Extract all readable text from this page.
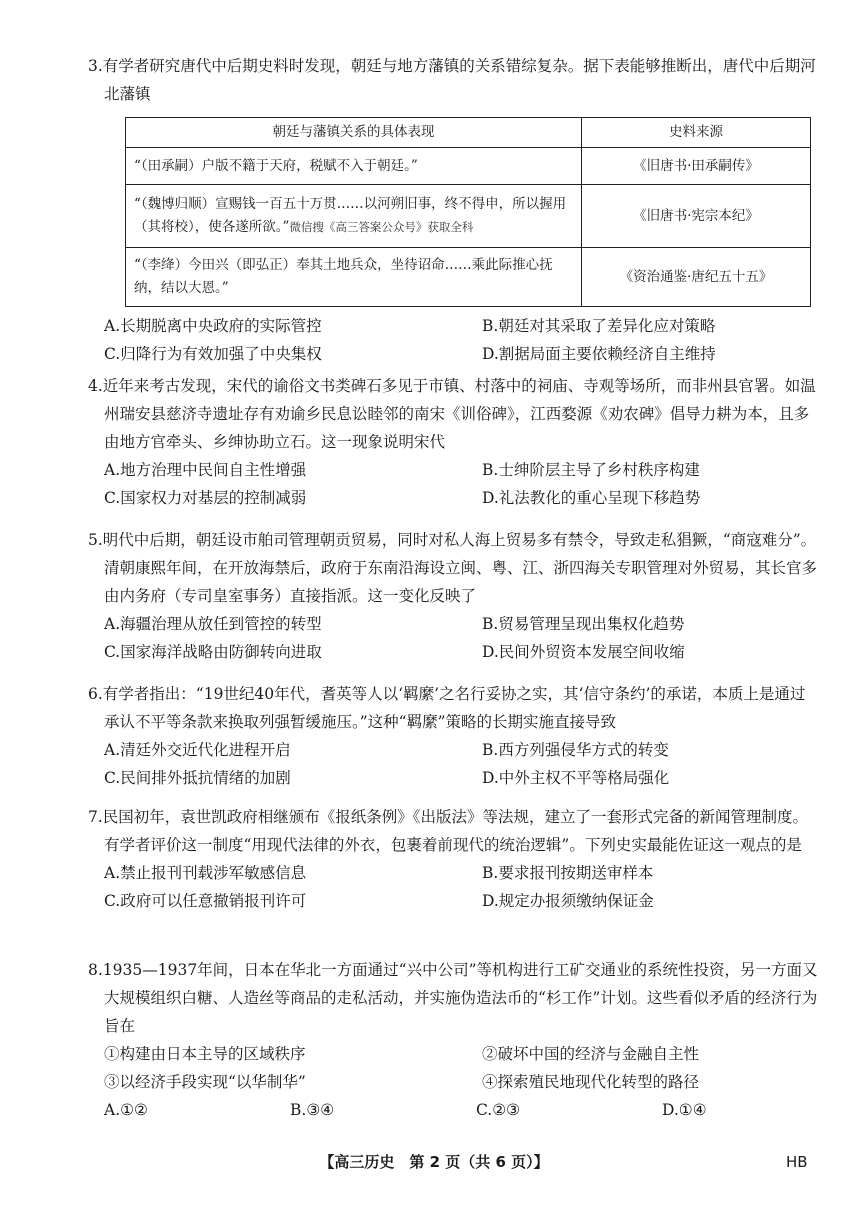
3.有学者研究唐代中后期史料时发现，朝廷与地方藩镇的关系错综复杂。据下表能够推断出，唐代中后期河北藩镇

朝廷与藩镇关系的具体表现	史料来源
“（田承嗣）户版不籍于天府，税赋不入于朝廷。”	《旧唐书·田承嗣传》
“（魏博归顺）宣赐钱一百五十万贯……以河朔旧事，终不得申，所以握用（其将校），使各遂所欲。”微信搜《高三答案公众号》获取全科	《旧唐书·宪宗本纪》
“（李绛）今田兴（即弘正）奉其土地兵众，坐待诏命……乘此际推心抚纳，结以大恩。”	《资治通鉴·唐纪五十五》
A.长期脱离中央政府的实际管控	B.朝廷对其采取了差异化应对策略
C.归降行为有效加强了中央集权	D.割据局面主要依赖经济自主维持

4.近年来考古发现，宋代的谕俗文书类碑石多见于市镇、村落中的祠庙、寺观等场所，而非州县官署。如温州瑞安县慈济寺遗址存有劝谕乡民息讼睦邻的南宋《训俗碑》，江西婺源《劝农碑》倡导力耕为本，且多由地方官牵头、乡绅协助立石。这一现象说明宋代

A.地方治理中民间自主性增强	B.士绅阶层主导了乡村秩序构建
C.国家权力对基层的控制减弱	D.礼法教化的重心呈现下移趋势

5.明代中后期，朝廷设市舶司管理朝贡贸易，同时对私人海上贸易多有禁令，导致走私猖獗，“商寇难分”。清朝康熙年间，在开放海禁后，政府于东南沿海设立闽、粤、江、浙四海关专职管理对外贸易，其长官多由内务府（专司皇室事务）直接指派。这一变化反映了

A.海疆治理从放任到管控的转型	B.贸易管理呈现出集权化趋势
C.国家海洋战略由防御转向进取	D.民间外贸资本发展空间收缩

6.有学者指出：“19世纪40年代，耆英等人以‘羁縻’之名行妥协之实，其‘信守条约’的承诺，本质上是通过承认不平等条款来换取列强暂缓施压。”这种“羁縻”策略的长期实施直接导致

A.清廷外交近代化进程开启	B.西方列强侵华方式的转变
C.民间排外抵抗情绪的加剧	D.中外主权不平等格局强化

7.民国初年，袁世凯政府相继颁布《报纸条例》《出版法》等法规，建立了一套形式完备的新闻管理制度。有学者评价这一制度“用现代法律的外衣，包裹着前现代的统治逻辑”。下列史实最能佐证这一观点的是

A.禁止报刊刊载涉军敏感信息	B.要求报刊按期送审样本
C.政府可以任意撤销报刊许可	D.规定办报须缴纳保证金

8.1935—1937年间，日本在华北一方面通过“兴中公司”等机构进行工矿交通业的系统性投资，另一方面又大规模组织白糖、人造丝等商品的走私活动，并实施伪造法币的“杉工作”计划。这些看似矛盾的经济行为旨在

①构建由日本主导的区域秩序	②破坏中国的经济与金融自主性
③以经济手段实现“以华制华”	④探索殖民地现代化转型的路径
A.①②	B.③④	C.②③	D.①④
【高三历史　第 2 页（共 6 页）】	HB
